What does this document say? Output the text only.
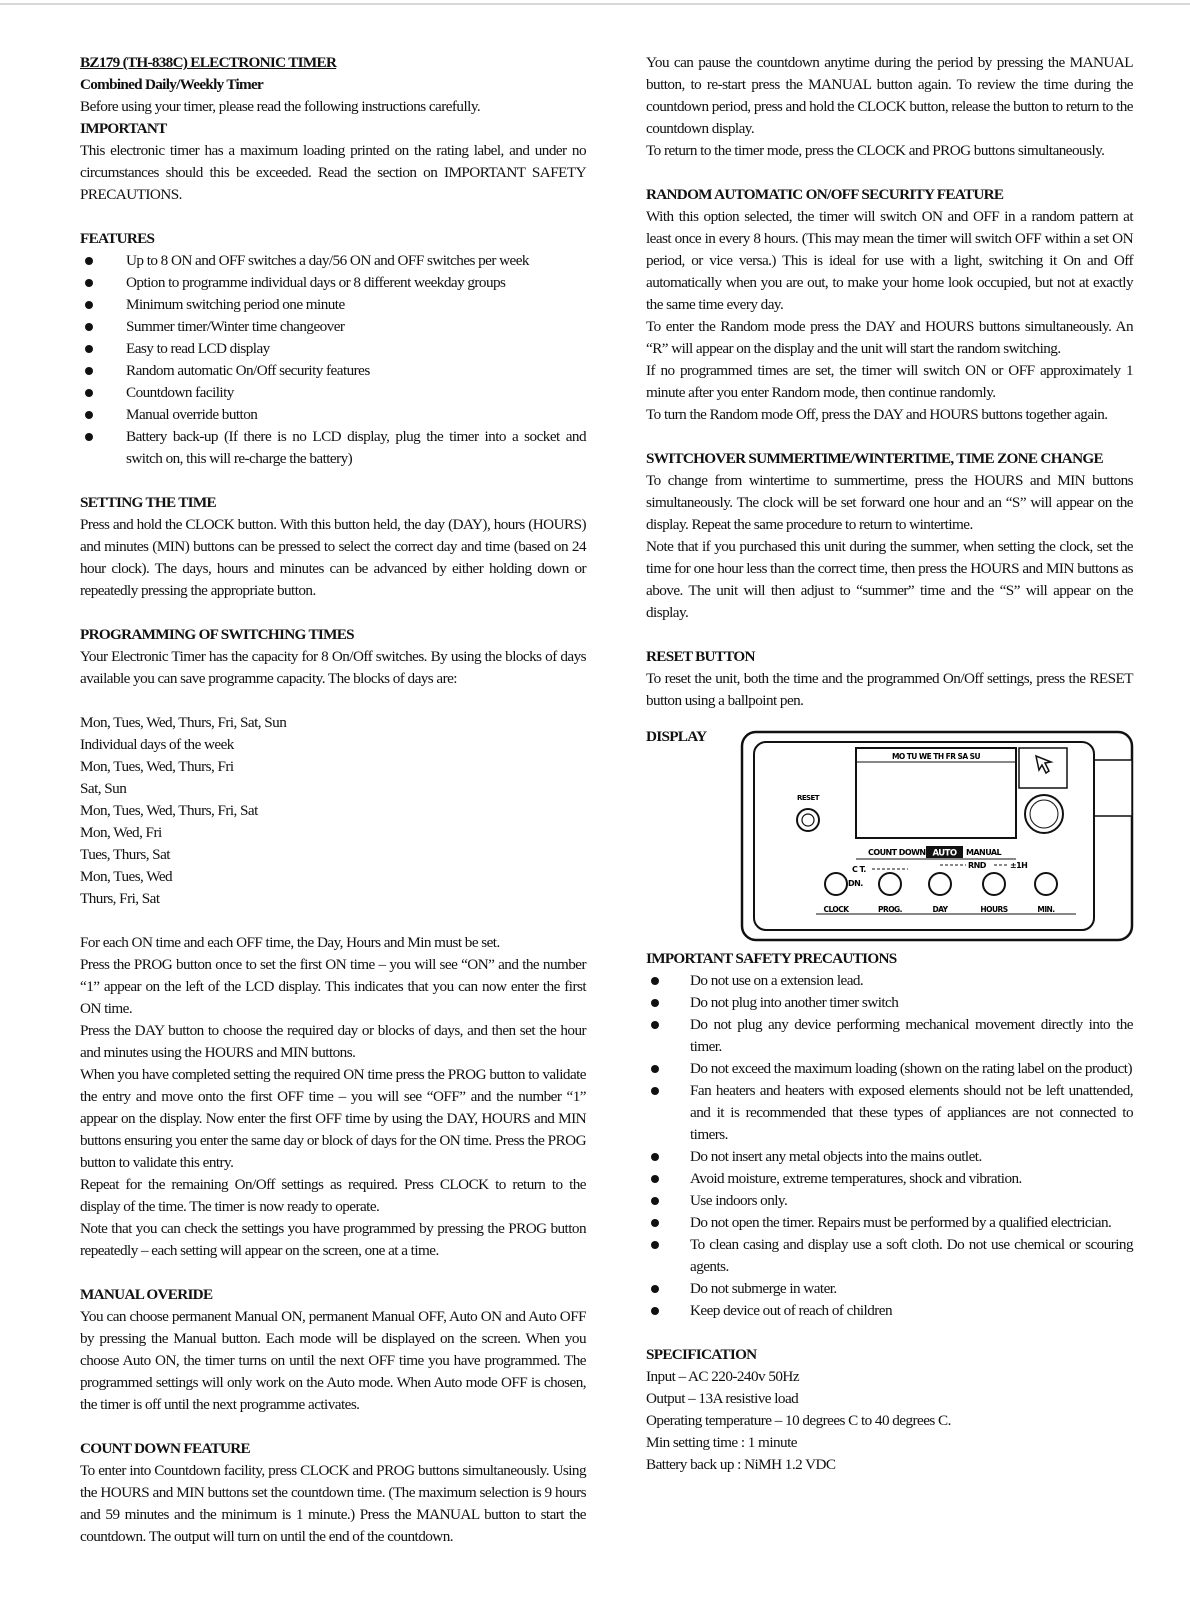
BZ179 (TH-838C) ELECTRONIC TIMER
Combined Daily/Weekly Timer

Before using your timer, please read the following instructions carefully.

IMPORTANT

This electronic timer has a maximum loading printed on the rating label, and under no circumstances should this be exceeded. Read the section on IMPORTANT SAFETY PRECAUTIONS.

FEATURES
Up to 8 ON and OFF switches a day/56 ON and OFF switches per week
Option to programme individual days or 8 different weekday groups
Minimum switching period one minute
Summer timer/Winter time changeover
Easy to read LCD display
Random automatic On/Off security features
Countdown facility
Manual override button
Battery back-up (If there is no LCD display, plug the timer into a socket and switch on, this will re-charge the battery)
SETTING THE TIME

Press and hold the CLOCK button. With this button held, the day (DAY), hours (HOURS) and minutes (MIN) buttons can be pressed to select the correct day and time (based on 24 hour clock). The days, hours and minutes can be advanced by either holding down or repeatedly pressing the appropriate button.

PROGRAMMING OF SWITCHING TIMES

Your Electronic Timer has the capacity for 8 On/Off switches. By using the blocks of days available you can save programme capacity. The blocks of days are:

Mon, Tues, Wed, Thurs, Fri, Sat, Sun
Individual days of the week
Mon, Tues, Wed, Thurs, Fri
Sat, Sun
Mon, Tues, Wed, Thurs, Fri, Sat
Mon, Wed, Fri
Tues, Thurs, Sat
Mon, Tues, Wed
Thurs, Fri, Sat

For each ON time and each OFF time, the Day, Hours and Min must be set.

Press the PROG button once to set the first ON time – you will see “ON” and the number “1” appear on the left of the LCD display. This indicates that you can now enter the first ON time.

Press the DAY button to choose the required day or blocks of days, and then set the hour and minutes using the HOURS and MIN buttons.

When you have completed setting the required ON time press the PROG button to validate the entry and move onto the first OFF time – you will see “OFF” and the number “1” appear on the display. Now enter the first OFF time by using the DAY, HOURS and MIN buttons ensuring you enter the same day or block of days for the ON time. Press the PROG button to validate this entry.

Repeat for the remaining On/Off settings as required. Press CLOCK to return to the display of the time. The timer is now ready to operate.

Note that you can check the settings you have programmed by pressing the PROG button repeatedly – each setting will appear on the screen, one at a time.

MANUAL OVERIDE

You can choose permanent Manual ON, permanent Manual OFF, Auto ON and Auto OFF by pressing the Manual button. Each mode will be displayed on the screen. When you choose Auto ON, the timer turns on until the next OFF time you have programmed. The programmed settings will only work on the Auto mode. When Auto mode OFF is chosen, the timer is off until the next programme activates.

COUNT DOWN FEATURE

To enter into Countdown facility, press CLOCK and PROG buttons simultaneously. Using the HOURS and MIN buttons set the countdown time. (The maximum selection is 9 hours and 59 minutes and the minimum is 1 minute.) Press the MANUAL button to start the countdown. The output will turn on until the end of the countdown.

You can pause the countdown anytime during the period by pressing the MANUAL button, to re-start press the MANUAL button again. To review the time during the countdown period, press and hold the CLOCK button, release the button to return to the countdown display.

To return to the timer mode, press the CLOCK and PROG buttons simultaneously.

RANDOM AUTOMATIC ON/OFF SECURITY FEATURE

With this option selected, the timer will switch ON and OFF in a random pattern at least once in every 8 hours. (This may mean the timer will switch OFF within a set ON period, or vice versa.) This is ideal for use with a light, switching it On and Off automatically when you are out, to make your home look occupied, but not at exactly the same time every day.

To enter the Random mode press the DAY and HOURS buttons simultaneously. An “R” will appear on the display and the unit will start the random switching.

If no programmed times are set, the timer will switch ON or OFF approximately 1 minute after you enter Random mode, then continue randomly.

To turn the Random mode Off, press the DAY and HOURS buttons together again.

SWITCHOVER SUMMERTIME/WINTERTIME, TIME ZONE CHANGE

To change from wintertime to summertime, press the HOURS and MIN buttons simultaneously. The clock will be set forward one hour and an “S” will appear on the display. Repeat the same procedure to return to wintertime.

Note that if you purchased this unit during the summer, when setting the clock, set the time for one hour less than the correct time, then press the HOURS and MIN buttons as above. The unit will then adjust to “summer” time and the “S” will appear on the display.

RESET BUTTON

To reset the unit, both the time and the programmed On/Off settings, press the RESET button using a ballpoint pen.

DISPLAY
MO TU WE TH FR SA SU
RESET
COUNT DOWN AUTO MANUAL
C T.
DN.
RND	±1H
CLOCK	PROG.	DAY	HOURS	MIN.
IMPORTANT SAFETY PRECAUTIONS
Do not use on a extension lead.
Do not plug into another timer switch
Do not plug any device performing mechanical movement directly into the timer.
Do not exceed the maximum loading (shown on the rating label on the product)
Fan heaters and heaters with exposed elements should not be left unattended, and it is recommended that these types of appliances are not connected to timers.
Do not insert any metal objects into the mains outlet.
Avoid moisture, extreme temperatures, shock and vibration.
Use indoors only.
Do not open the timer. Repairs must be performed by a qualified electrician.
To clean casing and display use a soft cloth. Do not use chemical or scouring agents.
Do not submerge in water.
Keep device out of reach of children
SPECIFICATION
Input – AC 220-240v 50Hz
Output – 13A resistive load
Operating temperature – 10 degrees C to 40 degrees C.
Min setting time : 1 minute
Battery back up : NiMH 1.2 VDC
